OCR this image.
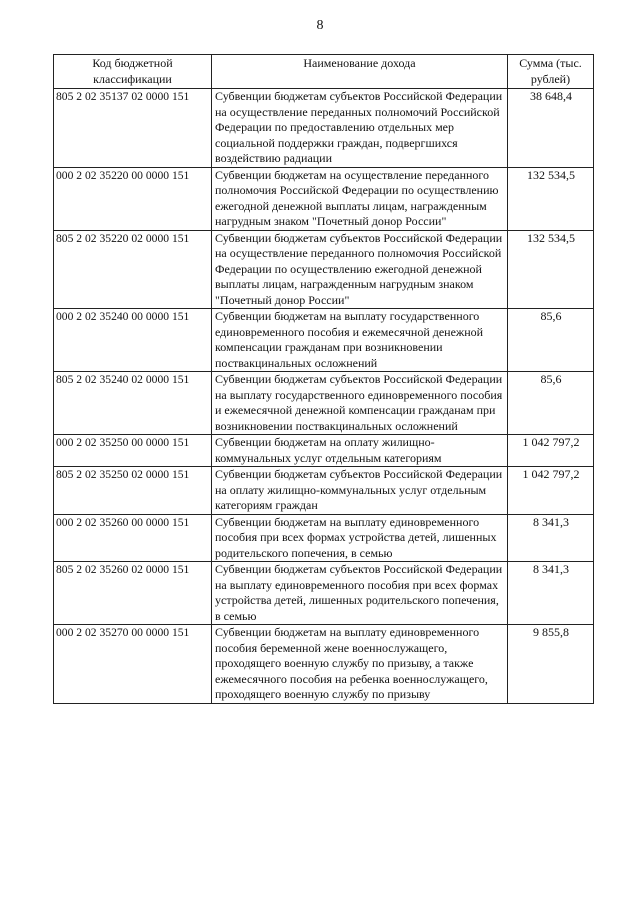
8
Код бюджетной классификации	Наименование дохода	Сумма (тыс. рублей)
805 2 02 35137 02 0000 151	Субвенции бюджетам субъектов Российской Федерации на осуществление переданных полномочий Российской Федерации по предоставлению отдельных мер социальной поддержки граждан, подвергшихся воздействию радиации	38 648,4
000 2 02 35220 00 0000 151	Субвенции бюджетам на осуществление переданного полномочия Российской Федерации по осуществлению ежегодной денежной выплаты лицам, награжденным нагрудным знаком "Почетный донор России"	132 534,5
805 2 02 35220 02 0000 151	Субвенции бюджетам субъектов Российской Федерации на осуществление переданного полномочия Российской Федерации по осуществлению ежегодной денежной выплаты лицам, награжденным нагрудным знаком "Почетный донор России"	132 534,5
000 2 02 35240 00 0000 151	Субвенции бюджетам на выплату государственного единовременного пособия и ежемесячной денежной компенсации гражданам при возникновении поствакцинальных осложнений	85,6
805 2 02 35240 02 0000 151	Субвенции бюджетам субъектов Российской Федерации на выплату государственного единовременного пособия и ежемесячной денежной компенсации гражданам при возникновении поствакцинальных осложнений	85,6
000 2 02 35250 00 0000 151	Субвенции бюджетам на оплату жилищно-коммунальных услуг отдельным категориям	1 042 797,2
805 2 02 35250 02 0000 151	Субвенции бюджетам субъектов Российской Федерации на оплату жилищно-коммунальных услуг отдельным категориям граждан	1 042 797,2
000 2 02 35260 00 0000 151	Субвенции бюджетам на выплату единовременного пособия при всех формах устройства детей, лишенных родительского попечения, в семью	8 341,3
805 2 02 35260 02 0000 151	Субвенции бюджетам субъектов Российской Федерации на выплату единовременного пособия при всех формах устройства детей, лишенных родительского попечения, в семью	8 341,3
000 2 02 35270 00 0000 151	Субвенции бюджетам на выплату единовременного пособия беременной жене военнослужащего, проходящего военную службу по призыву, а также ежемесячного пособия на ребенка военнослужащего, проходящего военную службу по призыву	9 855,8
